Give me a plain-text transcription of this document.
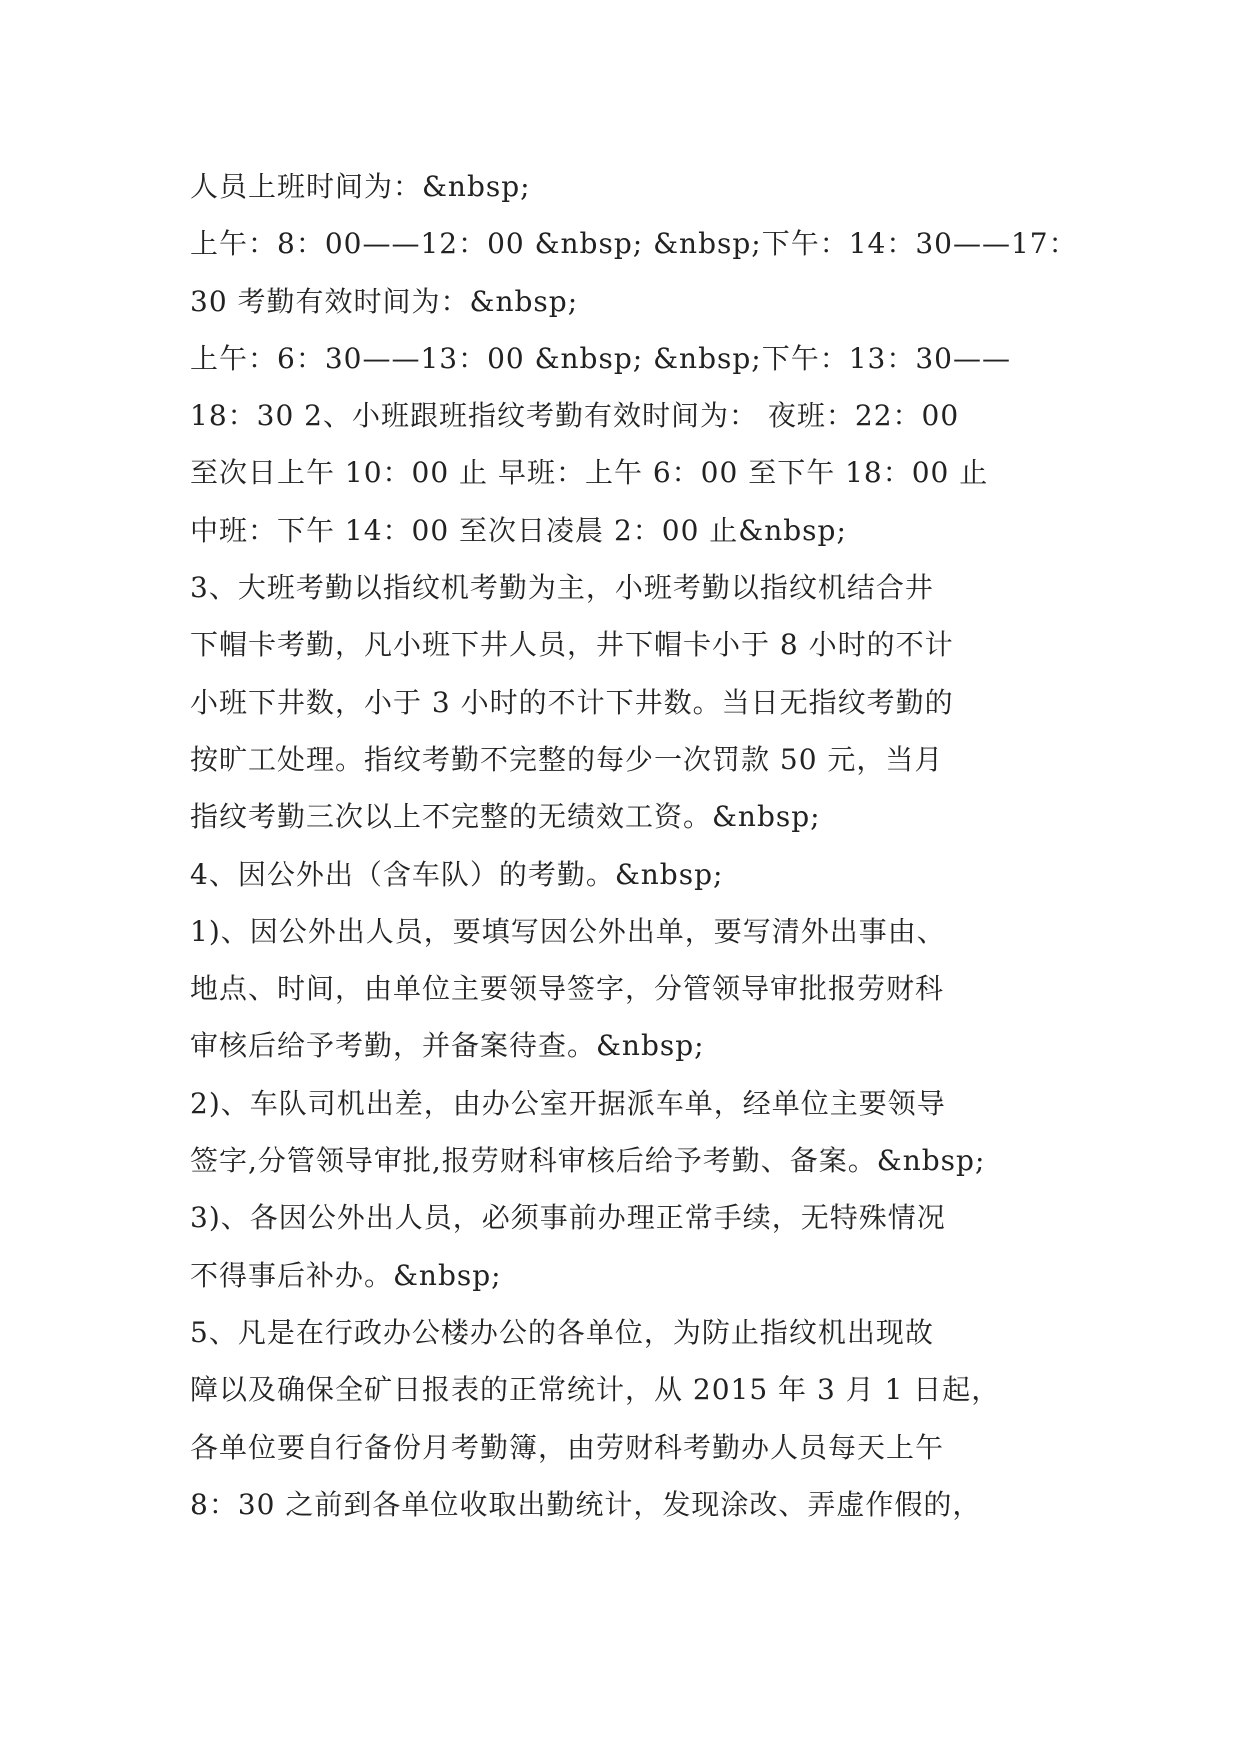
人员上班时间为：&nbsp;
上午：8：00——12：00 &nbsp; &nbsp;下午：14：30——17：
30 考勤有效时间为：&nbsp;
上午：6：30——13：00 &nbsp; &nbsp;下午：13：30——
18：30 2、小班跟班指纹考勤有效时间为： 夜班：22：00
至次日上午 10：00 止 早班：上午 6：00 至下午 18：00 止
中班：下午 14：00 至次日凌晨 2：00 止&nbsp;
3、大班考勤以指纹机考勤为主，小班考勤以指纹机结合井
下帽卡考勤，凡小班下井人员，井下帽卡小于 8 小时的不计
小班下井数，小于 3 小时的不计下井数。当日无指纹考勤的
按旷工处理。指纹考勤不完整的每少一次罚款 50 元，当月
指纹考勤三次以上不完整的无绩效工资。&nbsp;
4、因公外出（含车队）的考勤。&nbsp;
1)、因公外出人员，要填写因公外出单，要写清外出事由、
地点、时间，由单位主要领导签字，分管领导审批报劳财科
审核后给予考勤，并备案待查。&nbsp;
2)、车队司机出差，由办公室开据派车单，经单位主要领导
签字,分管领导审批,报劳财科审核后给予考勤、备案。&nbsp;
3)、各因公外出人员，必须事前办理正常手续，无特殊情况
不得事后补办。&nbsp;
5、凡是在行政办公楼办公的各单位，为防止指纹机出现故
障以及确保全矿日报表的正常统计，从 2015 年 3 月 1 日起，
各单位要自行备份月考勤簿，由劳财科考勤办人员每天上午
8：30 之前到各单位收取出勤统计，发现涂改、弄虚作假的，
